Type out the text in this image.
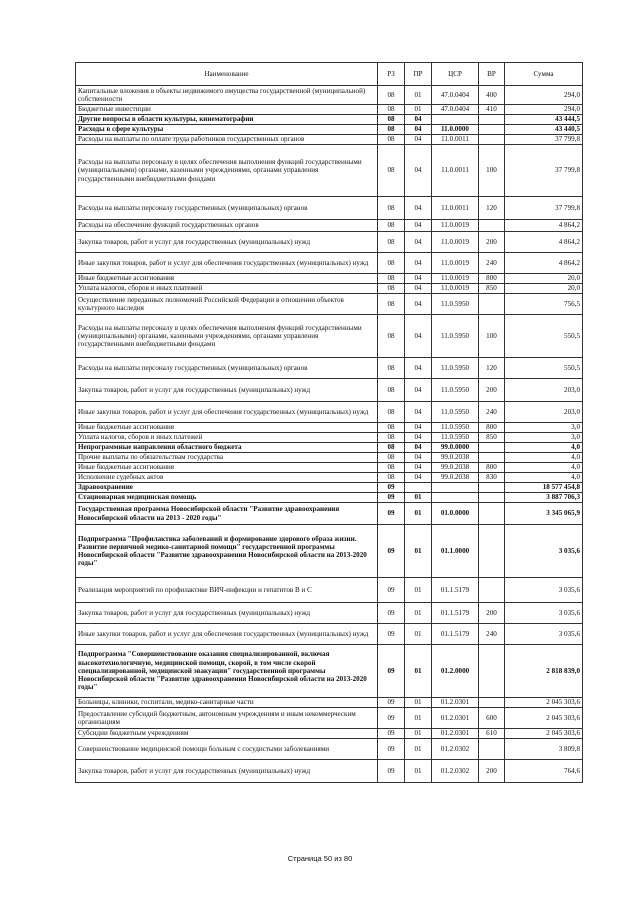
Наименование	РЗ	ПР	ЦСР	ВР	Сумма
Капитальные вложения в объекты недвижимого имущества государственной (муниципальной) собственности	08	01	47.0.0404	400	294,0
Бюджетные инвестиции	08	01	47.0.0404	410	294,0
Другие вопросы в области культуры, кинематографии	08	04			43 444,5
Расходы в сфере культуры	08	04	11.0.0000		43 440,5
Расходы на выплаты по оплате труда работников государственных органов	08	04	11.0.0011		37 799,8
Расходы на выплаты персоналу в целях обеспечения выполнения функций государственными (муниципальными) органами, казенными учреждениями, органами управления государственными внебюджетными фондами	08	04	11.0.0011	100	37 799,8
Расходы на выплаты персоналу государственных (муниципальных) органов	08	04	11.0.0011	120	37 799,8
Расходы на обеспечение функций государственных органов	08	04	11.0.0019		4 864,2
Закупка товаров, работ и услуг для государственных (муниципальных) нужд	08	04	11.0.0019	200	4 864,2
Иные закупки товаров, работ и услуг для обеспечения государственных (муниципальных) нужд	08	04	11.0.0019	240	4 864,2
Иные бюджетные ассигнования	08	04	11.0.0019	800	20,0
Уплата налогов, сборов и иных платежей	08	04	11.0.0019	850	20,0
Осуществление переданных полномочий Российской Федерации в отношении объектов культурного наследия	08	04	11.0.5950		756,5
Расходы на выплаты персоналу в целях обеспечения выполнения функций государственными (муниципальными) органами, казенными учреждениями, органами управления государственными внебюджетными фондами	08	04	11.0.5950	100	550,5
Расходы на выплаты персоналу государственных (муниципальных) органов	08	04	11.0.5950	120	550,5
Закупка товаров, работ и услуг для государственных (муниципальных) нужд	08	04	11.0.5950	200	203,0
Иные закупки товаров, работ и услуг для обеспечения государственных (муниципальных) нужд	08	04	11.0.5950	240	203,0
Иные бюджетные ассигнования	08	04	11.0.5950	800	3,0
Уплата налогов, сборов и иных платежей	08	04	11.0.5950	850	3,0
Непрограммные направления областного бюджета	08	04	99.0.0000		4,0
Прочие выплаты по обязательствам государства	08	04	99.0.2038		4,0
Иные бюджетные ассигнования	08	04	99.0.2038	800	4,0
Исполнение судебных актов	08	04	99.0.2038	830	4,0
Здравоохранение	09				18 577 454,8
Стационарная медицинская помощь	09	01			3 887 706,3
Государственная программа Новосибирской области "Развитие здравоохранения Новосибирской области на 2013 - 2020 годы"	09	01	01.0.0000		3 345 065,9
Подпрограмма "Профилактика заболеваний и формирование здорового образа жизни. Развитие первичной медико-санитарной помощи" государственной программы Новосибирской области "Развитие здравоохранения Новосибирской области на 2013-2020 годы"	09	01	01.1.0000		3 035,6
Реализация мероприятий по профилактике ВИЧ-инфекции и гепатитов В и С	09	01	01.1.5179		3 035,6
Закупка товаров, работ и услуг для государственных (муниципальных) нужд	09	01	01.1.5179	200	3 035,6
Иные закупки товаров, работ и услуг для обеспечения государственных (муниципальных) нужд	09	01	01.1.5179	240	3 035,6
Подпрограмма "Совершенствование оказания специализированной, включая высокотехнологичную, медицинской помощи, скорой, в том числе скорой специализированной, медицинской эвакуации" государственной программы Новосибирской области "Развитие здравоохранения Новосибирской области на 2013-2020 годы"	09	01	01.2.0000		2 818 839,0
Больницы, клиники, госпитали, медико-санитарные части	09	01	01.2.0301		2 045 303,6
Предоставление субсидий бюджетным, автономным учреждениям и иным некоммерческим организациям	09	01	01.2.0301	600	2 045 303,6
Субсидии бюджетным учреждениям	09	01	01.2.0301	610	2 045 303,6
Совершенствование медицинской помощи больным с сосудистыми заболеваниями	09	01	01.2.0302		3 809,8
Закупка товаров, работ и услуг для государственных (муниципальных) нужд	09	01	01.2.0302	200	764,6
Страница 50 из 80
